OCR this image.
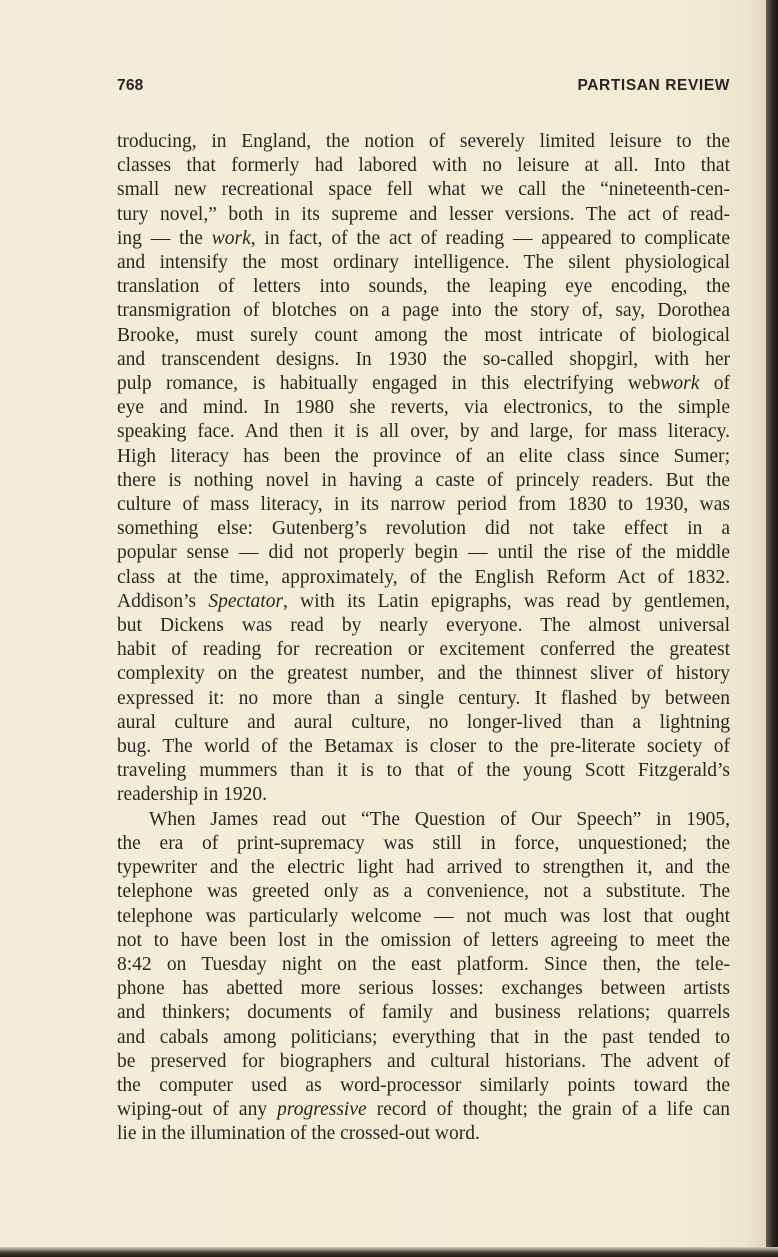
768	PARTISAN REVIEW
troducing, in England, the notion of severely limited leisure to the
classes that formerly had labored with no leisure at all. Into that
small new recreational space fell what we call the “nineteenth-cen-
tury novel,” both in its supreme and lesser versions. The act of read-
ing — the work, in fact, of the act of reading — appeared to complicate
and intensify the most ordinary intelligence. The silent physiological
translation of letters into sounds, the leaping eye encoding, the
transmigration of blotches on a page into the story of, say, Dorothea
Brooke, must surely count among the most intricate of biological
and transcendent designs. In 1930 the so-called shopgirl, with her
pulp romance, is habitually engaged in this electrifying webwork of
eye and mind. In 1980 she reverts, via electronics, to the simple
speaking face. And then it is all over, by and large, for mass literacy.
High literacy has been the province of an elite class since Sumer;
there is nothing novel in having a caste of princely readers. But the
culture of mass literacy, in its narrow period from 1830 to 1930, was
something else: Gutenberg’s revolution did not take effect in a
popular sense — did not properly begin — until the rise of the middle
class at the time, approximately, of the English Reform Act of 1832.
Addison’s Spectator, with its Latin epigraphs, was read by gentlemen,
but Dickens was read by nearly everyone. The almost universal
habit of reading for recreation or excitement conferred the greatest
complexity on the greatest number, and the thinnest sliver of history
expressed it: no more than a single century. It flashed by between
aural culture and aural culture, no longer-lived than a lightning
bug. The world of the Betamax is closer to the pre-literate society of
traveling mummers than it is to that of the young Scott Fitzgerald’s
readership in 1920.
When James read out “The Question of Our Speech” in 1905,
the era of print-supremacy was still in force, unquestioned; the
typewriter and the electric light had arrived to strengthen it, and the
telephone was greeted only as a convenience, not a substitute. The
telephone was particularly welcome — not much was lost that ought
not to have been lost in the omission of letters agreeing to meet the
8:42 on Tuesday night on the east platform. Since then, the tele-
phone has abetted more serious losses: exchanges between artists
and thinkers; documents of family and business relations; quarrels
and cabals among politicians; everything that in the past tended to
be preserved for biographers and cultural historians. The advent of
the computer used as word-processor similarly points toward the
wiping-out of any progressive record of thought; the grain of a life can
lie in the illumination of the crossed-out word.
